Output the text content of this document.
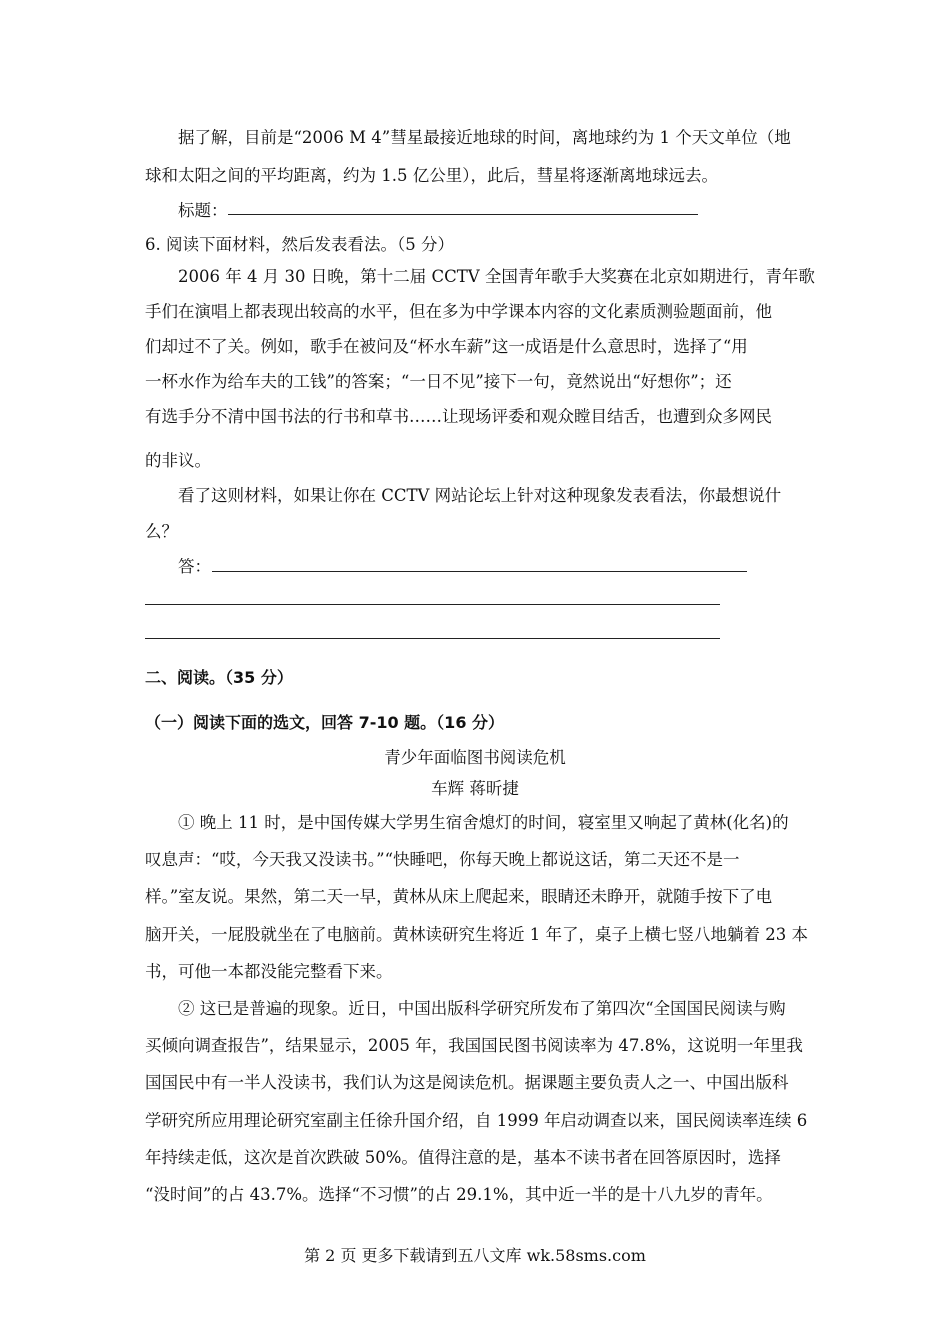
据了解，目前是“2006 M 4”彗星最接近地球的时间，离地球约为 1 个天文单位（地
球和太阳之间的平均距离，约为 1.5 亿公里），此后，彗星将逐渐离地球远去。
标题：
6. 阅读下面材料，然后发表看法。（5 分）
2006 年 4 月 30 日晚，第十二届 CCTV 全国青年歌手大奖赛在北京如期进行，青年歌
手们在演唱上都表现出较高的水平，但在多为中学课本内容的文化素质测验题面前，他
们却过不了关。例如，歌手在被问及“杯水车薪”这一成语是什么意思时，选择了“用
一杯水作为给车夫的工钱”的答案；“一日不见”接下一句，竟然说出“好想你”；还
有选手分不清中国书法的行书和草书……让现场评委和观众瞠目结舌，也遭到众多网民
的非议。
看了这则材料，如果让你在 CCTV 网站论坛上针对这种现象发表看法，你最想说什
么？
答：
二、阅读。（35 分）
（一）阅读下面的选文，回答 7-10 题。（16 分）
青少年面临图书阅读危机
车辉 蒋昕捷
① 晚上 11 时，是中国传媒大学男生宿舍熄灯的时间，寝室里又响起了黄林(化名)的
叹息声：“哎，今天我又没读书。”“快睡吧，你每天晚上都说这话，第二天还不是一
样。”室友说。果然，第二天一早，黄林从床上爬起来，眼睛还未睁开，就随手按下了电
脑开关，一屁股就坐在了电脑前。黄林读研究生将近 1 年了，桌子上横七竖八地躺着 23 本
书，可他一本都没能完整看下来。
② 这已是普遍的现象。近日，中国出版科学研究所发布了第四次“全国国民阅读与购
买倾向调查报告”，结果显示，2005 年，我国国民图书阅读率为 47.8%，这说明一年里我
国国民中有一半人没读书，我们认为这是阅读危机。据课题主要负责人之一、中国出版科
学研究所应用理论研究室副主任徐升国介绍，自 1999 年启动调查以来，国民阅读率连续 6
年持续走低，这次是首次跌破 50%。值得注意的是，基本不读书者在回答原因时，选择
“没时间”的占 43.7%。选择“不习惯”的占 29.1%，其中近一半的是十八九岁的青年。
第 2 页 更多下载请到五八文库 wk.58sms.com
